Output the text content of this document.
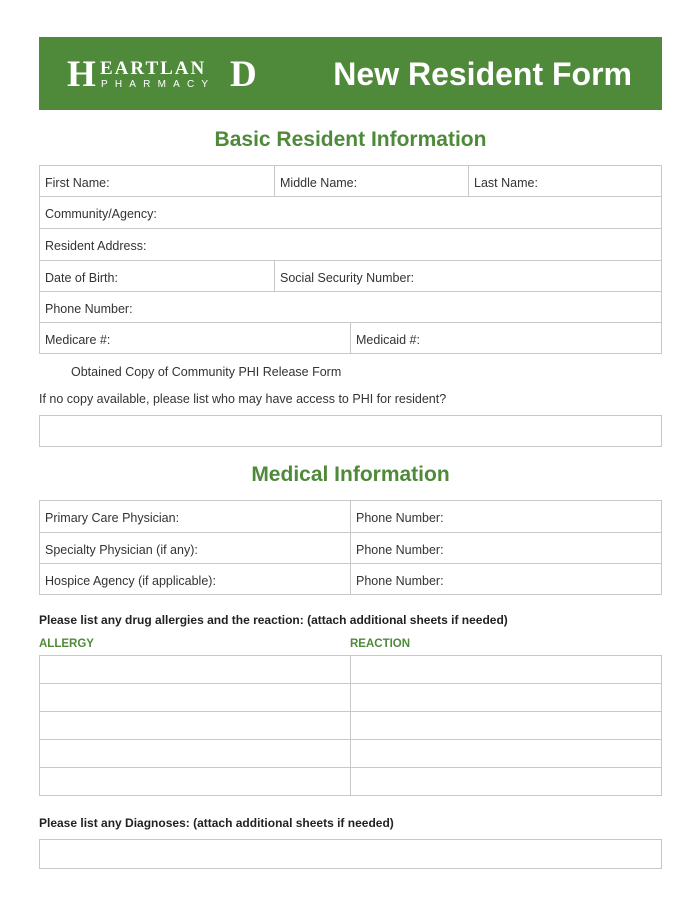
H EARTLAN
PHARMACY D New Resident Form
Basic Resident Information
First Name:	Middle Name:	Last Name:
Community/Agency:
Resident Address:
Date of Birth:	Social Security Number:
Phone Number:
Medicare #:	Medicaid #:
Obtained Copy of Community PHI Release Form
If no copy available, please list who may have access to PHI for resident?
Medical Information
Primary Care Physician:	Phone Number:
Specialty Physician (if any):	Phone Number:
Hospice Agency (if applicable):	Phone Number:
Please list any drug allergies and the reaction: (attach additional sheets if needed)
ALLERGY	REACTION
Please list any Diagnoses: (attach additional sheets if needed)
